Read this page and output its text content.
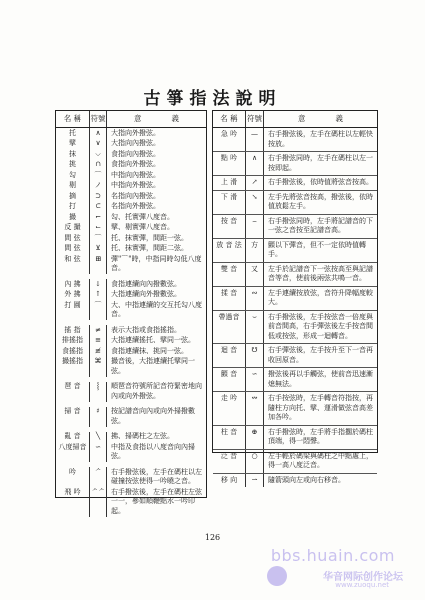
古箏指法說明
名 稱	符號	意　　　　義
托	∧	大指向外撥弦。
擘	∨	大指向內撥弦。
抹	⌵	食指向內撥弦。
挑	∩	食指向外撥弦。
勾	⌒	中指向內撥弦。
剔	ノ	中指向外撥弦。
摘	⊃	名指向內撥弦。
打	⊂	名指向外撥弦。
撮	⌐	勾、托實彈八度音。
反 撮	⌙	擘、剔實彈八度音。
間 弦	⌒	托、抹實彈，間距一弦。
間 弦	⊻	托、抹實彈，間距二弦。
和 弦	⊞	彈"⌒"時，中指同時勾低八度音。
內 拂	↓	食指連續向內撥數弦。
外 拂	↑	大指連續向外撥數弦。
打 圓	⌒	大、中指連續的交互托勾八度音。
搖 指	≠	表示大指或食指搖指。
排搖指	≡	大指連續搖托、擘同一弦。
食搖指	≢	食指連續抹、挑同一弦。
撮搖指	⌘	撮音後，大指連續托擘同一弦。
琶 音	⸾	順琶音符號所記音符緊密地向內或向外撥弦。
掃 音	♯	按記譜音向內或向外掃撥數弦。
亂 音	╲	拂、掃碼柱之左弦。
八度掃音	∽	中指及食指以八度音向內掃弦。
吟	ᄼ	右手撥弦後，左手在碼柱以左碰撞按弦使得一吟曉之音。
飛 吟	ᄼᄼ 右手撥弦後，左手在碼柱左弦一一，參如順鞭點水一吟印起。
名 稱	符號	意　　　　義
急 吟	—	右手撥弦後，左手在碼柱以左輕快按放。
點 吟	∧	右手撥弦同時，左手在碼柱以左一按即起。
上 滑	↗	右手撥弦後，依時值將弦音按高。
下 滑	↘	左手先將弦音按高，撥弦後，依時值放鬆左手。
按 音	⌢	右手撥弦同時，左手將記譜音的下一弦之音按至記譜音高。
放 音 法	方	顫以下彈音，但不一定依時值轉手。
雙 音	又	左手於記譜音下一弦按高至與記譜音等音，使前後兩弦共鳴一音。
揉 音	∾	左手連續按放弦，音符升降幅度較大。
帶過音	⌣	右手撥弦後，左手按弦音一倍度與前音間高，右手彈弦後左手按音間低或按弦，形成一迴轉音。
迴 音	☋	右手彈弦後，左手按升至下一音再收回原音。
顫 音	∽	撥弦後再以手觸弦，使前音迅速漸熄無法。
走 吟	↭	右手按弦時，左手轉音符指按，再隨柱方向托、擘、運滑做弦音高差加各吟。
柱 音	⊕	右手撥弦時，左手將手指擱於碼柱頂端，得一悶聲。
泛 音	○	左手輕於碼梁與碼柱之中點處上，得一高八度泛音。
移 向	⇀	隨箭頭向左或向右移音。
126
bbs.huain.com
华音网际创作论坛
www.zuoqu.net
